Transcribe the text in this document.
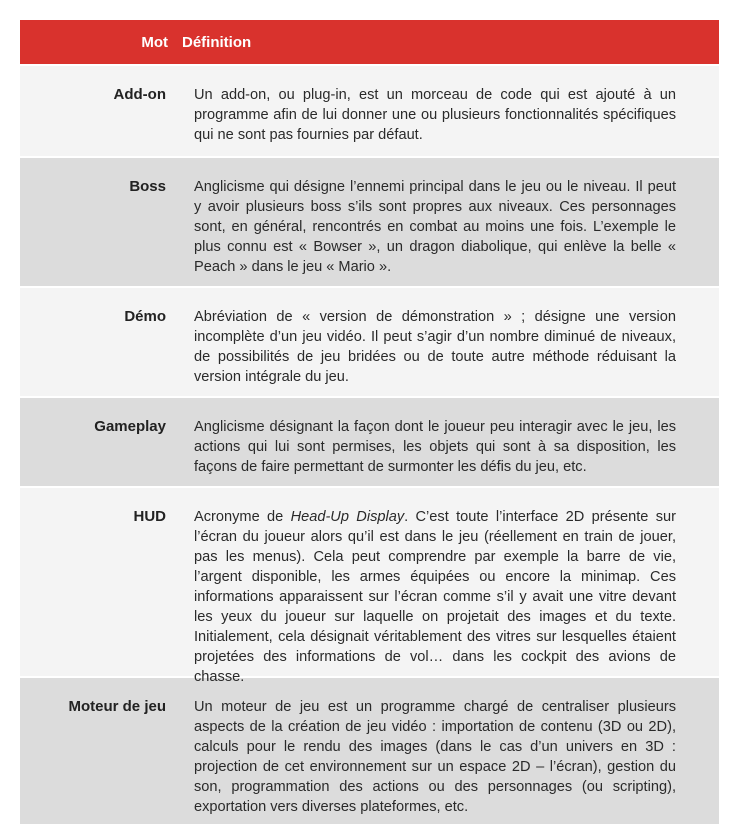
Mot Définition
Add-on	Un add-on, ou plug-in, est un morceau de code qui est ajouté à un programme afin de lui donner une ou plusieurs fonctionnalités spécifiques qui ne sont pas fournies par défaut.
Boss	Anglicisme qui désigne l’ennemi principal dans le jeu ou le niveau. Il peut y avoir plusieurs boss s’ils sont propres aux niveaux. Ces personnages sont, en général, rencontrés en combat au moins une fois. L’exemple le plus connu est « Bowser », un dragon diabolique, qui enlève la belle « Peach » dans le jeu « Mario ».
Démo	Abréviation de « version de démonstration » ; désigne une version incomplète d’un jeu vidéo. Il peut s’agir d’un nombre diminué de niveaux, de possibilités de jeu bridées ou de toute autre méthode réduisant la version intégrale du jeu.
Gameplay	Anglicisme désignant la façon dont le joueur peu interagir avec le jeu, les actions qui lui sont permises, les objets qui sont à sa disposition, les façons de faire permettant de surmonter les défis du jeu, etc.
HUD	Acronyme de Head-Up Display. C’est toute l’interface 2D présente sur l’écran du joueur alors qu’il est dans le jeu (réellement en train de jouer, pas les menus). Cela peut comprendre par exemple la barre de vie, l’argent disponible, les armes équipées ou encore la minimap. Ces informations apparaissent sur l’écran comme s’il y avait une vitre devant les yeux du joueur sur laquelle on projetait des images et du texte. Initialement, cela désignait véritablement des vitres sur lesquelles étaient projetées des informations de vol… dans les cockpit des avions de chasse.
Moteur de jeu	Un moteur de jeu est un programme chargé de centraliser plusieurs aspects de la création de jeu vidéo : importation de contenu (3D ou 2D), calculs pour le rendu des images (dans le cas d’un univers en 3D : projection de cet environnement sur un espace 2D – l’écran), gestion du son, programmation des actions ou des personnages (ou scripting), exportation vers diverses plateformes, etc.
